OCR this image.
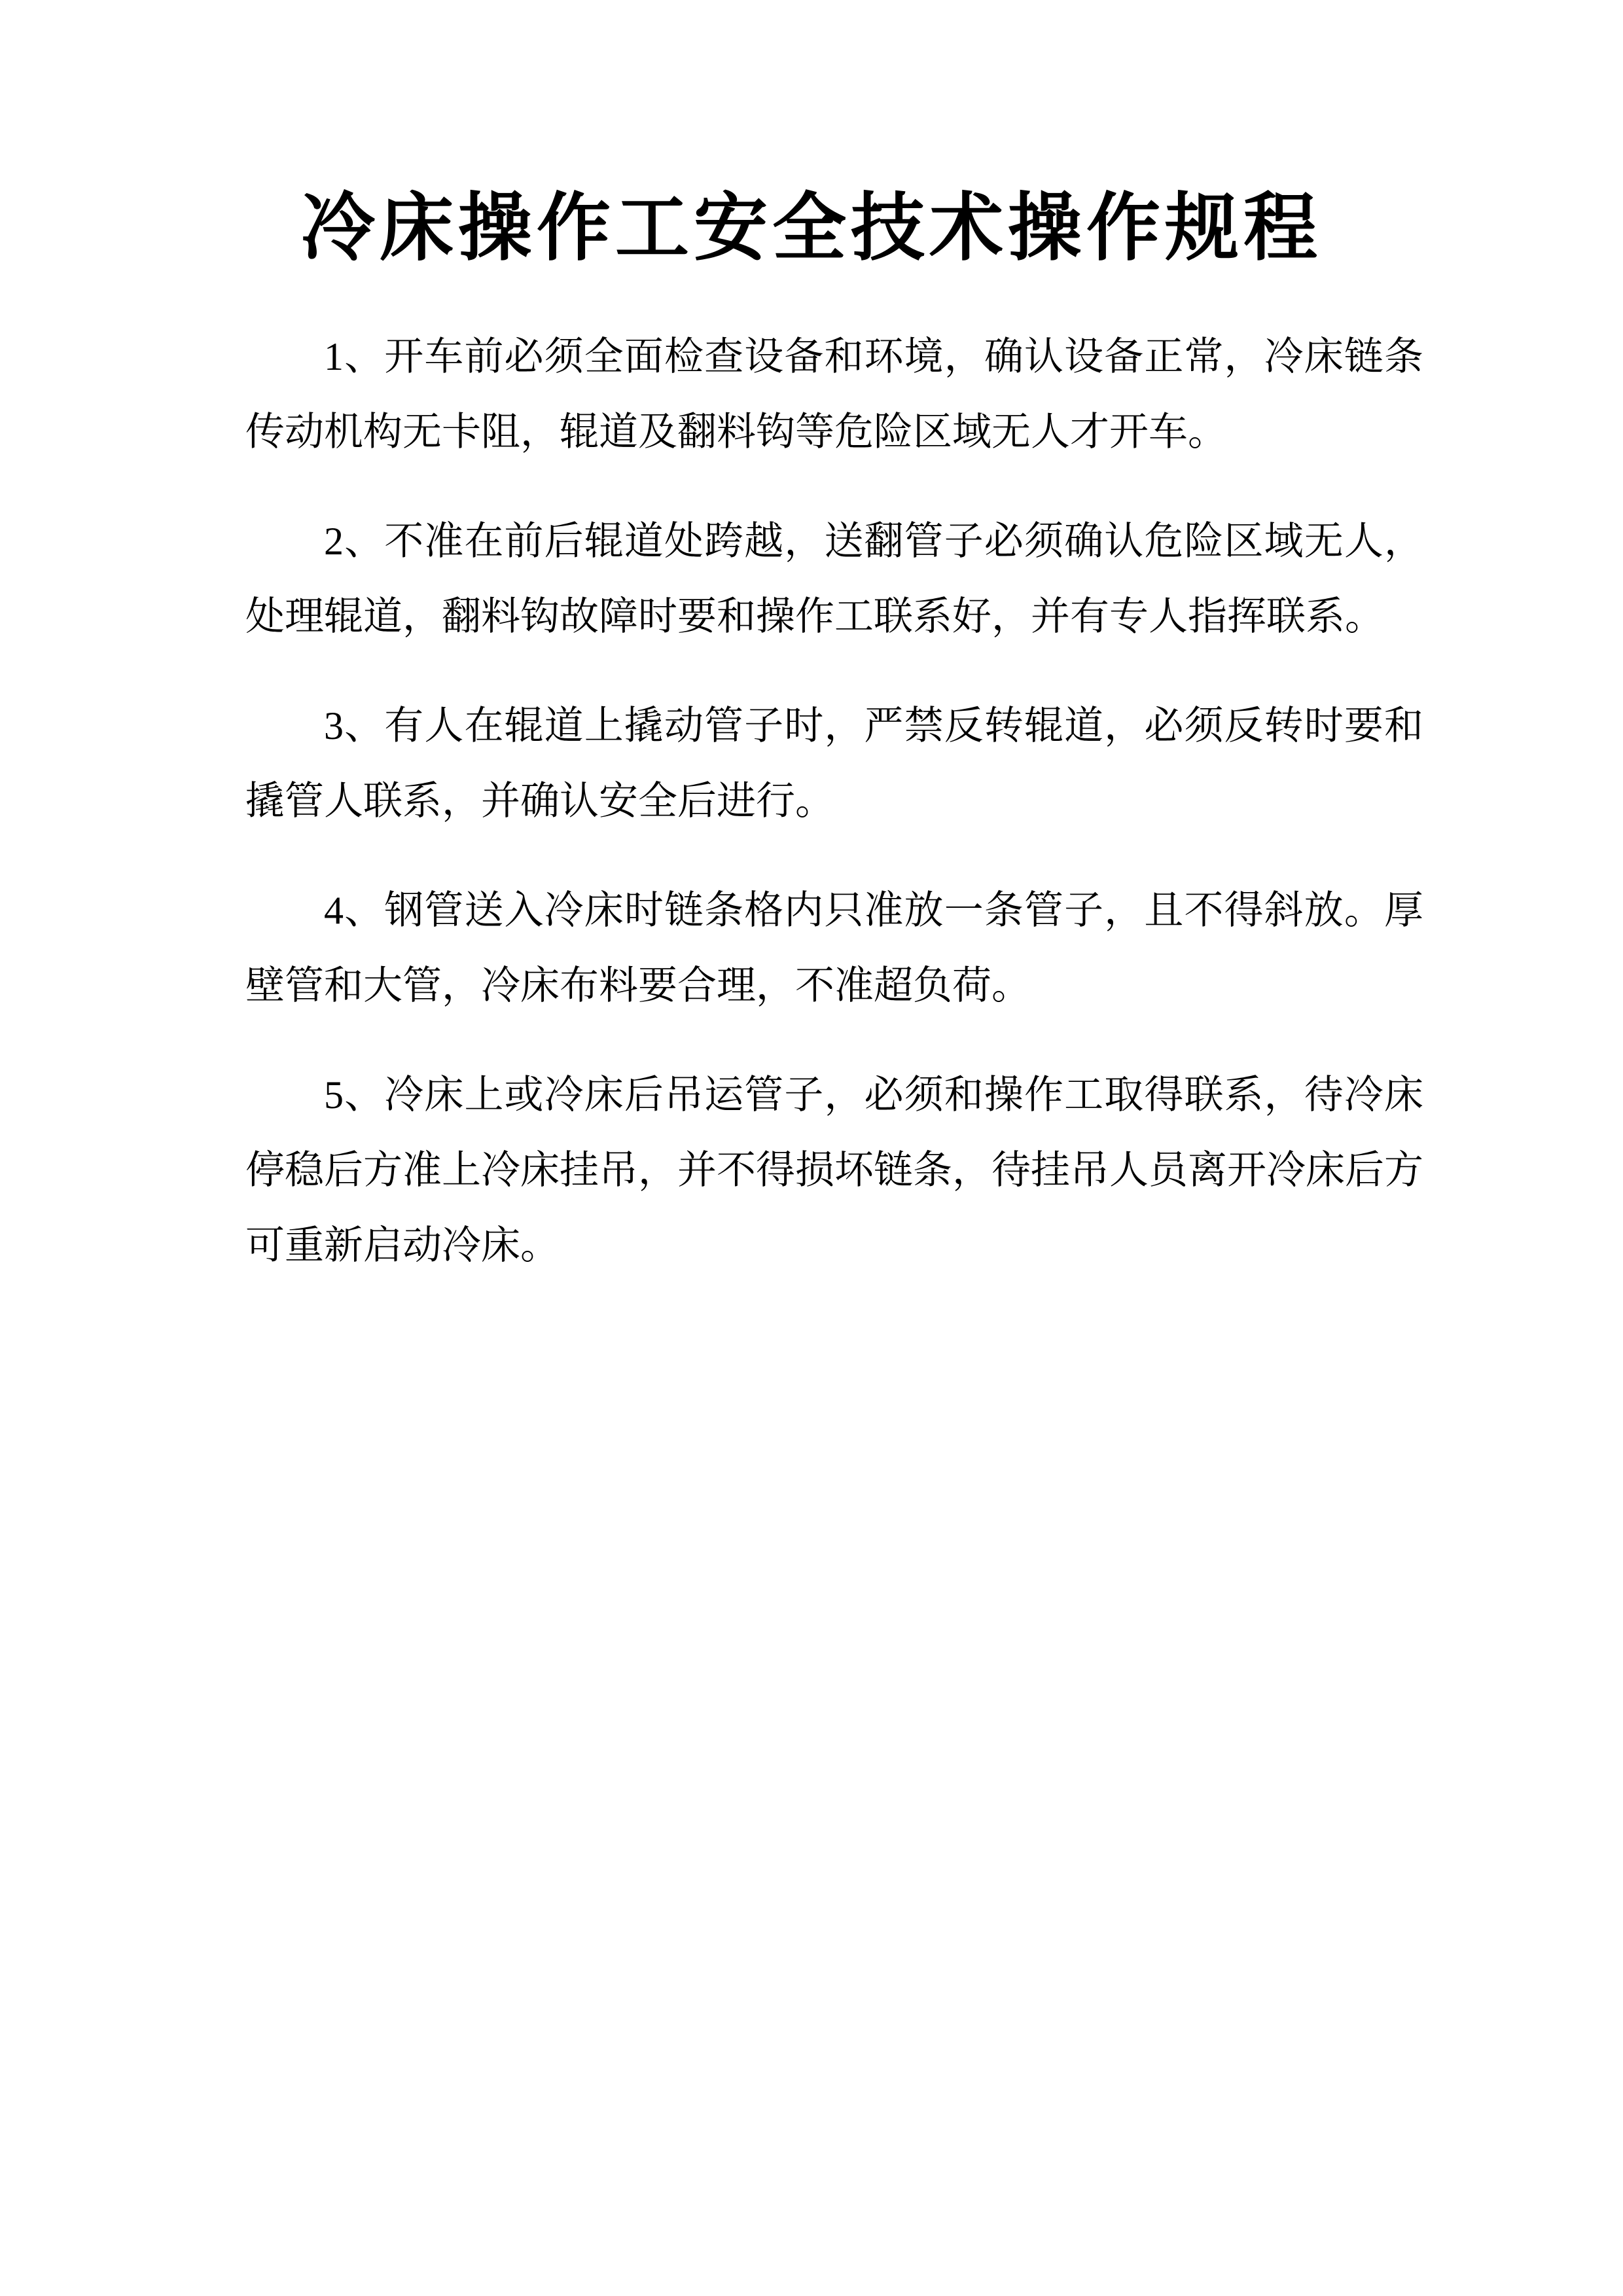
冷床操作工安全技术操作规程

1、开车前必须全面检查设备和环境，确认设备正常，冷床链条传动机构无卡阻，辊道及翻料钩等危险区域无人才开车。

2、不准在前后辊道处跨越，送翻管子必须确认危险区域无人，处理辊道，翻料钩故障时要和操作工联系好，并有专人指挥联系。

3、有人在辊道上撬动管子时，严禁反转辊道，必须反转时要和撬管人联系，并确认安全后进行。

4、钢管送入冷床时链条格内只准放一条管子，且不得斜放。厚壁管和大管，冷床布料要合理，不准超负荷。

5、冷床上或冷床后吊运管子，必须和操作工取得联系，待冷床停稳后方准上冷床挂吊，并不得损坏链条，待挂吊人员离开冷床后方可重新启动冷床。
